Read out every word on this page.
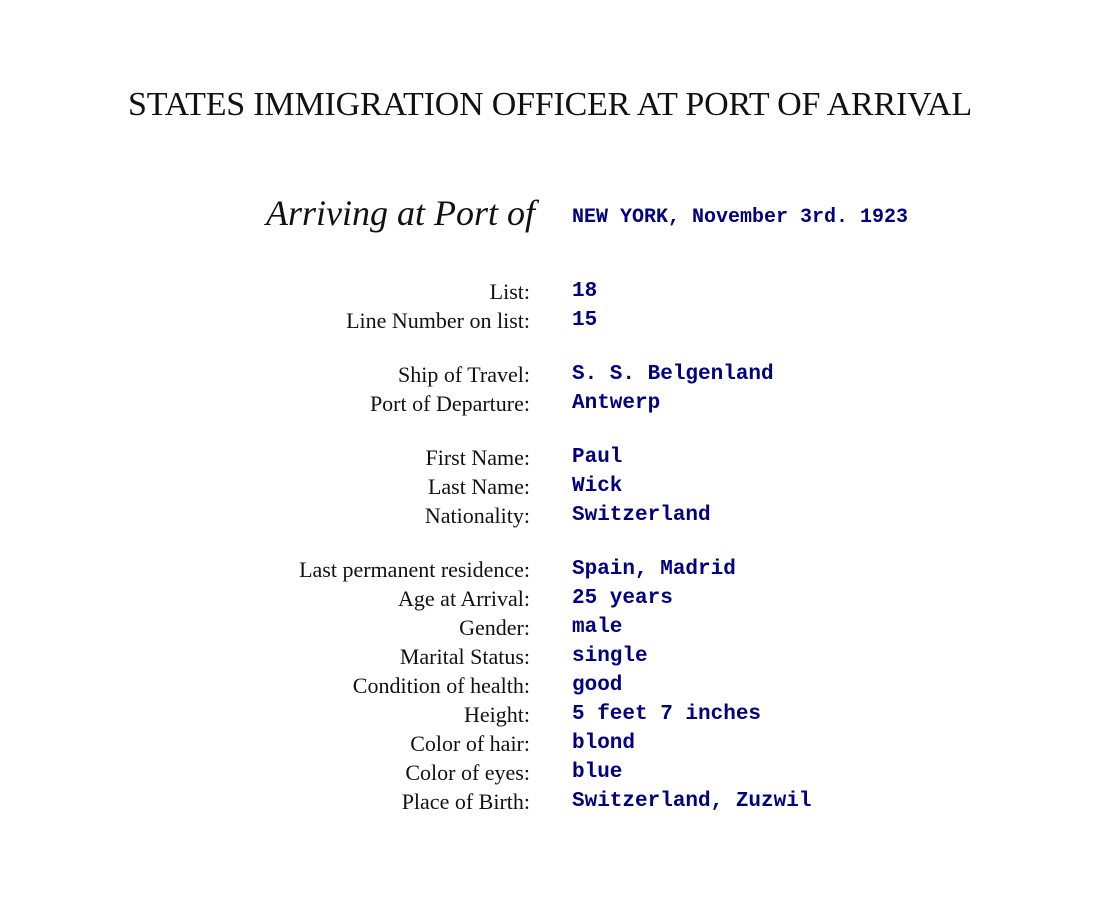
STATES IMMIGRATION OFFICER AT PORT OF ARRIVAL
Arriving at Port of NEW YORK, November 3rd. 1923
List: 18
Line Number on list: 15
Ship of Travel: S. S. Belgenland
Port of Departure: Antwerp
First Name: Paul
Last Name: Wick
Nationality: Switzerland
Last permanent residence: Spain, Madrid
Age at Arrival: 25 years
Gender: male
Marital Status: single
Condition of health: good
Height: 5 feet 7 inches
Color of hair: blond
Color of eyes: blue
Place of Birth: Switzerland, Zuzwil
